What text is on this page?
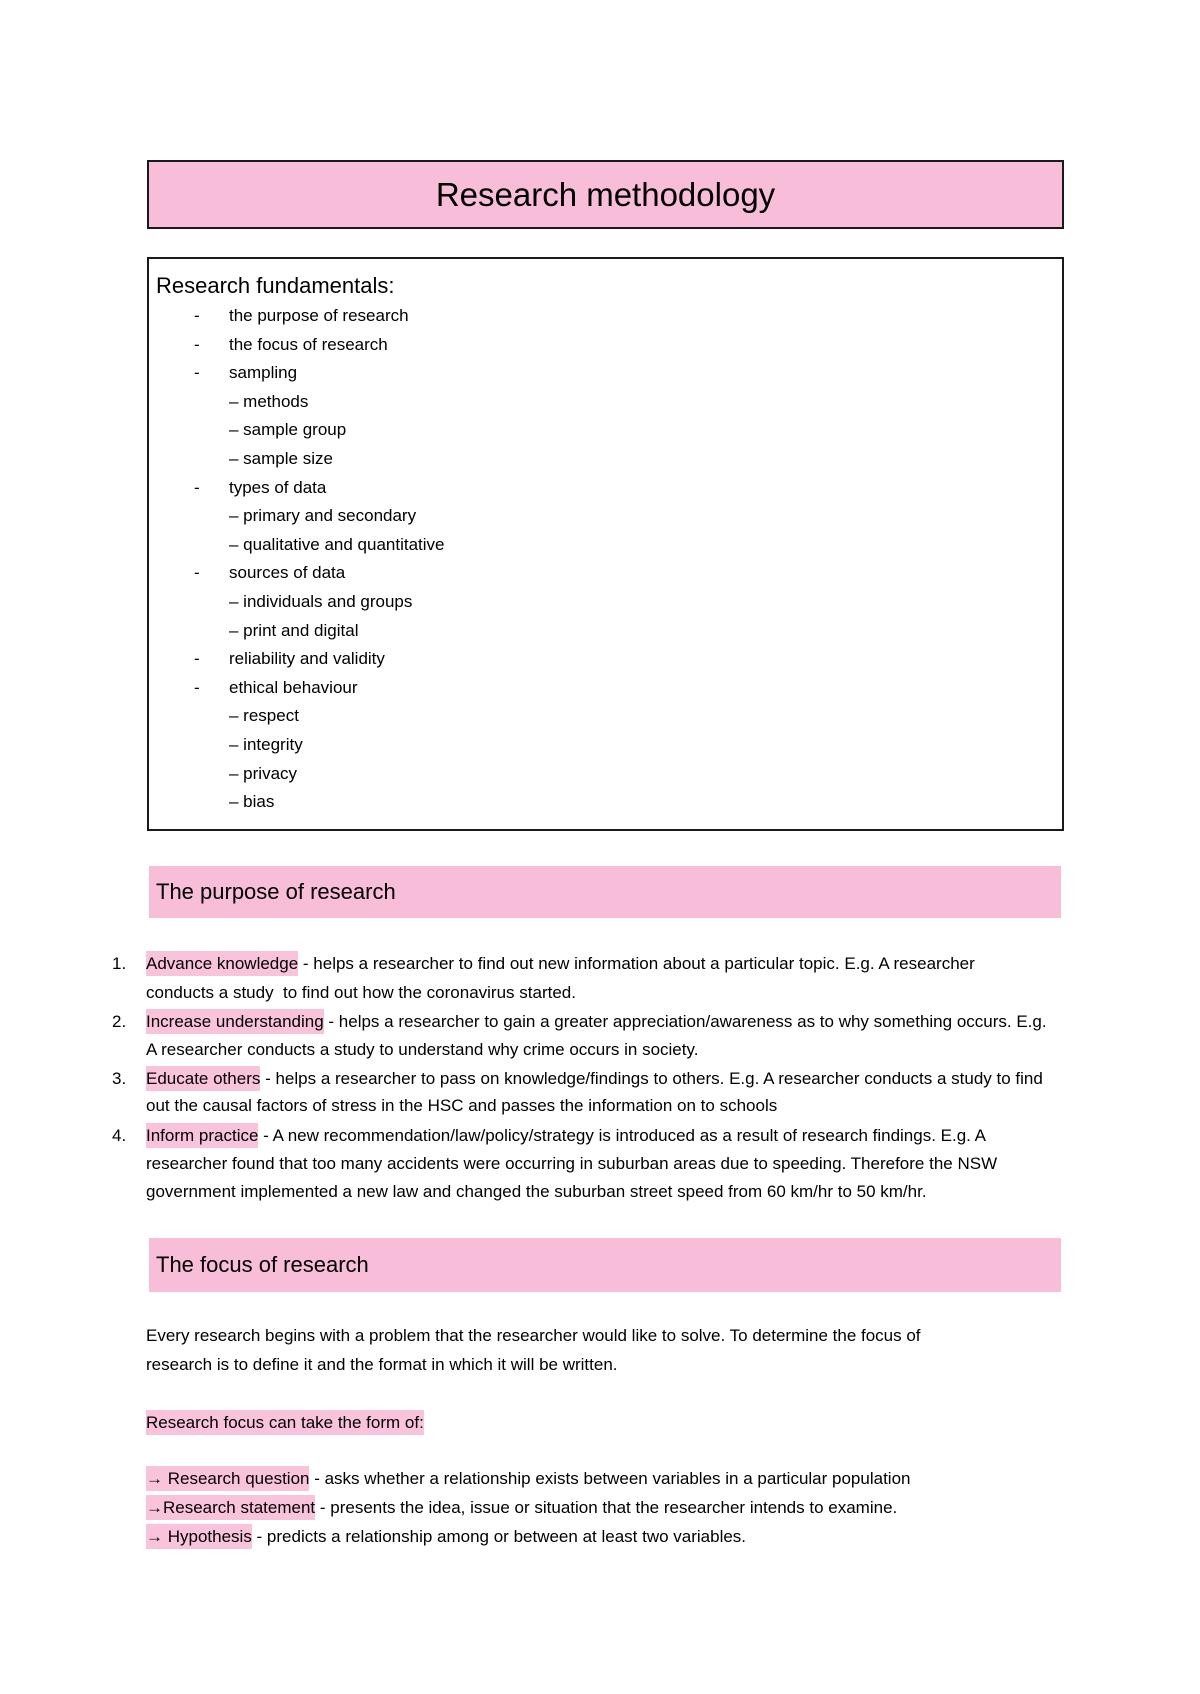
Research methodology
Research fundamentals:
- the purpose of research
- the focus of research
- sampling
– methods
– sample group
– sample size
- types of data
– primary and secondary
– qualitative and quantitative
- sources of data
– individuals and groups
– print and digital
- reliability and validity
- ethical behaviour
– respect
– integrity
– privacy
– bias
The purpose of research
1. Advance knowledge - helps a researcher to find out new information about a particular topic. E.g. A researcher
conducts a study  to find out how the coronavirus started.
2. Increase understanding - helps a researcher to gain a greater appreciation/awareness as to why something occurs. E.g.
A researcher conducts a study to understand why crime occurs in society.
3. Educate others - helps a researcher to pass on knowledge/findings to others. E.g. A researcher conducts a study to find
out the causal factors of stress in the HSC and passes the information on to schools
4. Inform practice - A new recommendation/law/policy/strategy is introduced as a result of research findings. E.g. A
researcher found that too many accidents were occurring in suburban areas due to speeding. Therefore the NSW
government implemented a new law and changed the suburban street speed from 60 km/hr to 50 km/hr.
The focus of research
Every research begins with a problem that the researcher would like to solve. To determine the focus of
research is to define it and the format in which it will be written.
Research focus can take the form of:
→ Research question - asks whether a relationship exists between variables in a particular population
→Research statement - presents the idea, issue or situation that the researcher intends to examine.
→ Hypothesis - predicts a relationship among or between at least two variables.
